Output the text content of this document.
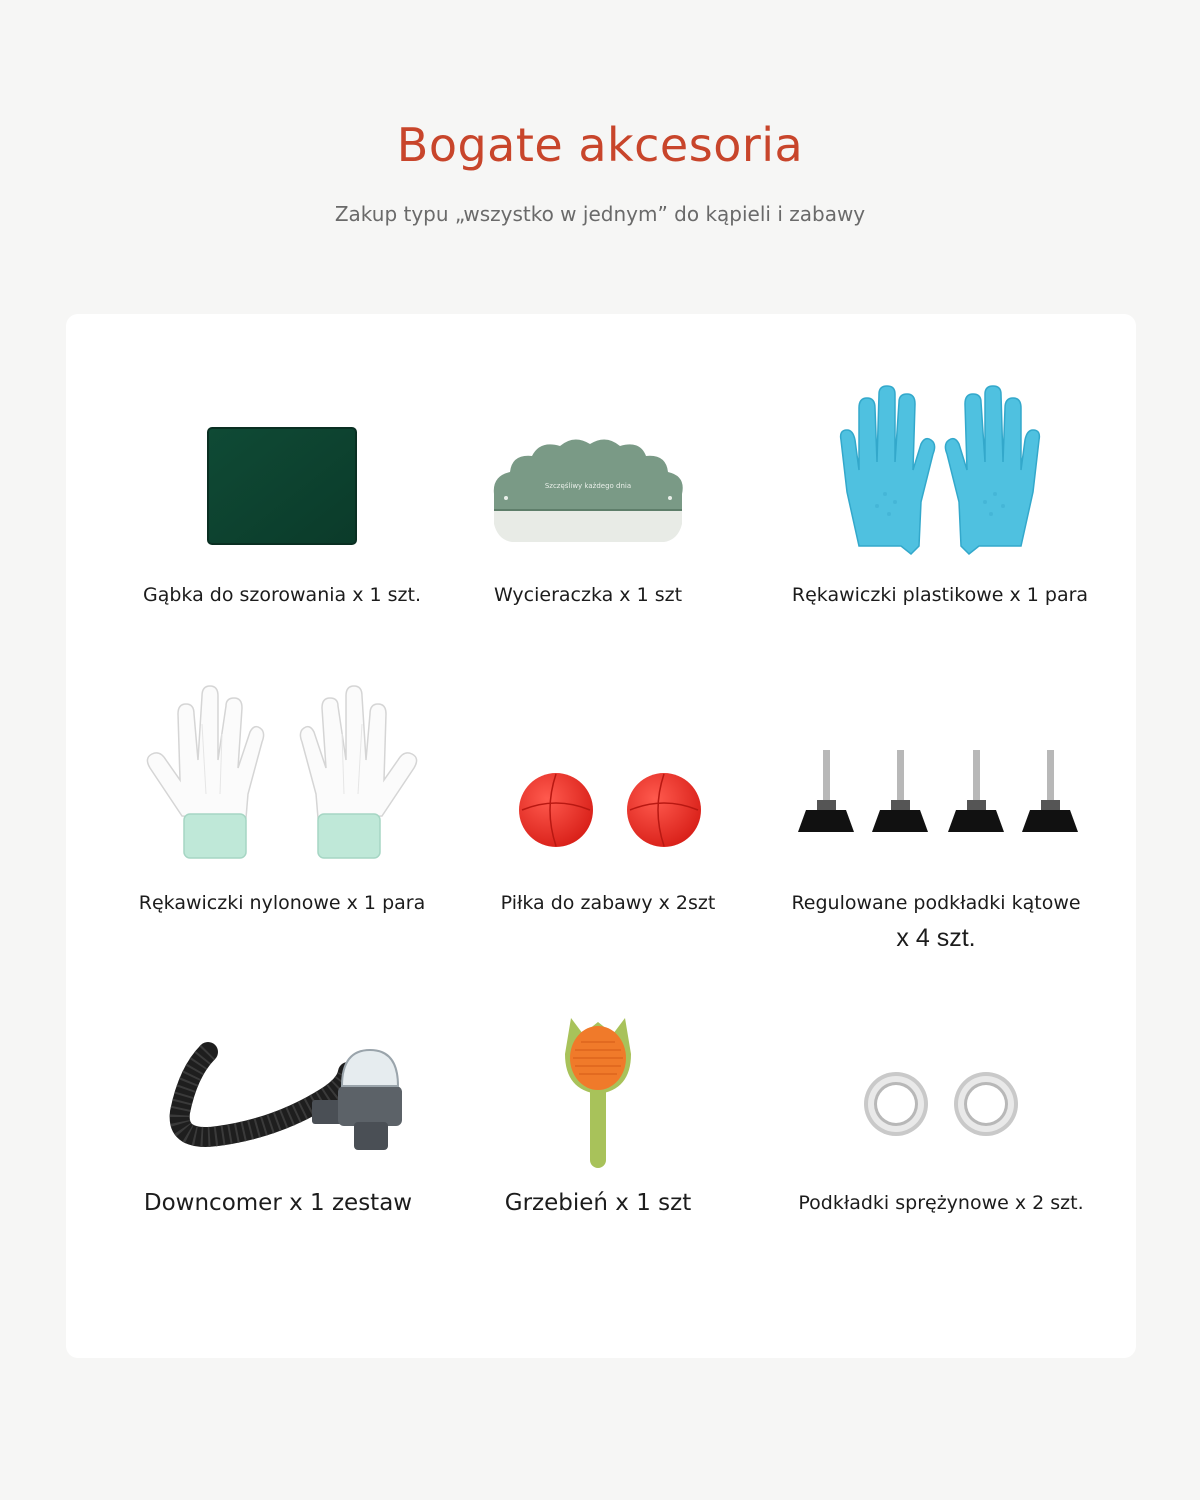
Bogate akcesoria
Zakup typu „wszystko w jednym” do kąpieli i zabawy
Gąbka do szorowania x 1 szt.
Szczęśliwy każdego dnia
Wycieraczka x 1 szt	Rękawiczki plastikowe x 1 para
Rękawiczki nylonowe x 1 para	Piłka do zabawy x 2szt	Regulowane podkładki kątowe
x 4 szt.
Downcomer x 1 zestaw	Grzebień x 1 szt	Podkładki sprężynowe x 2 szt.
